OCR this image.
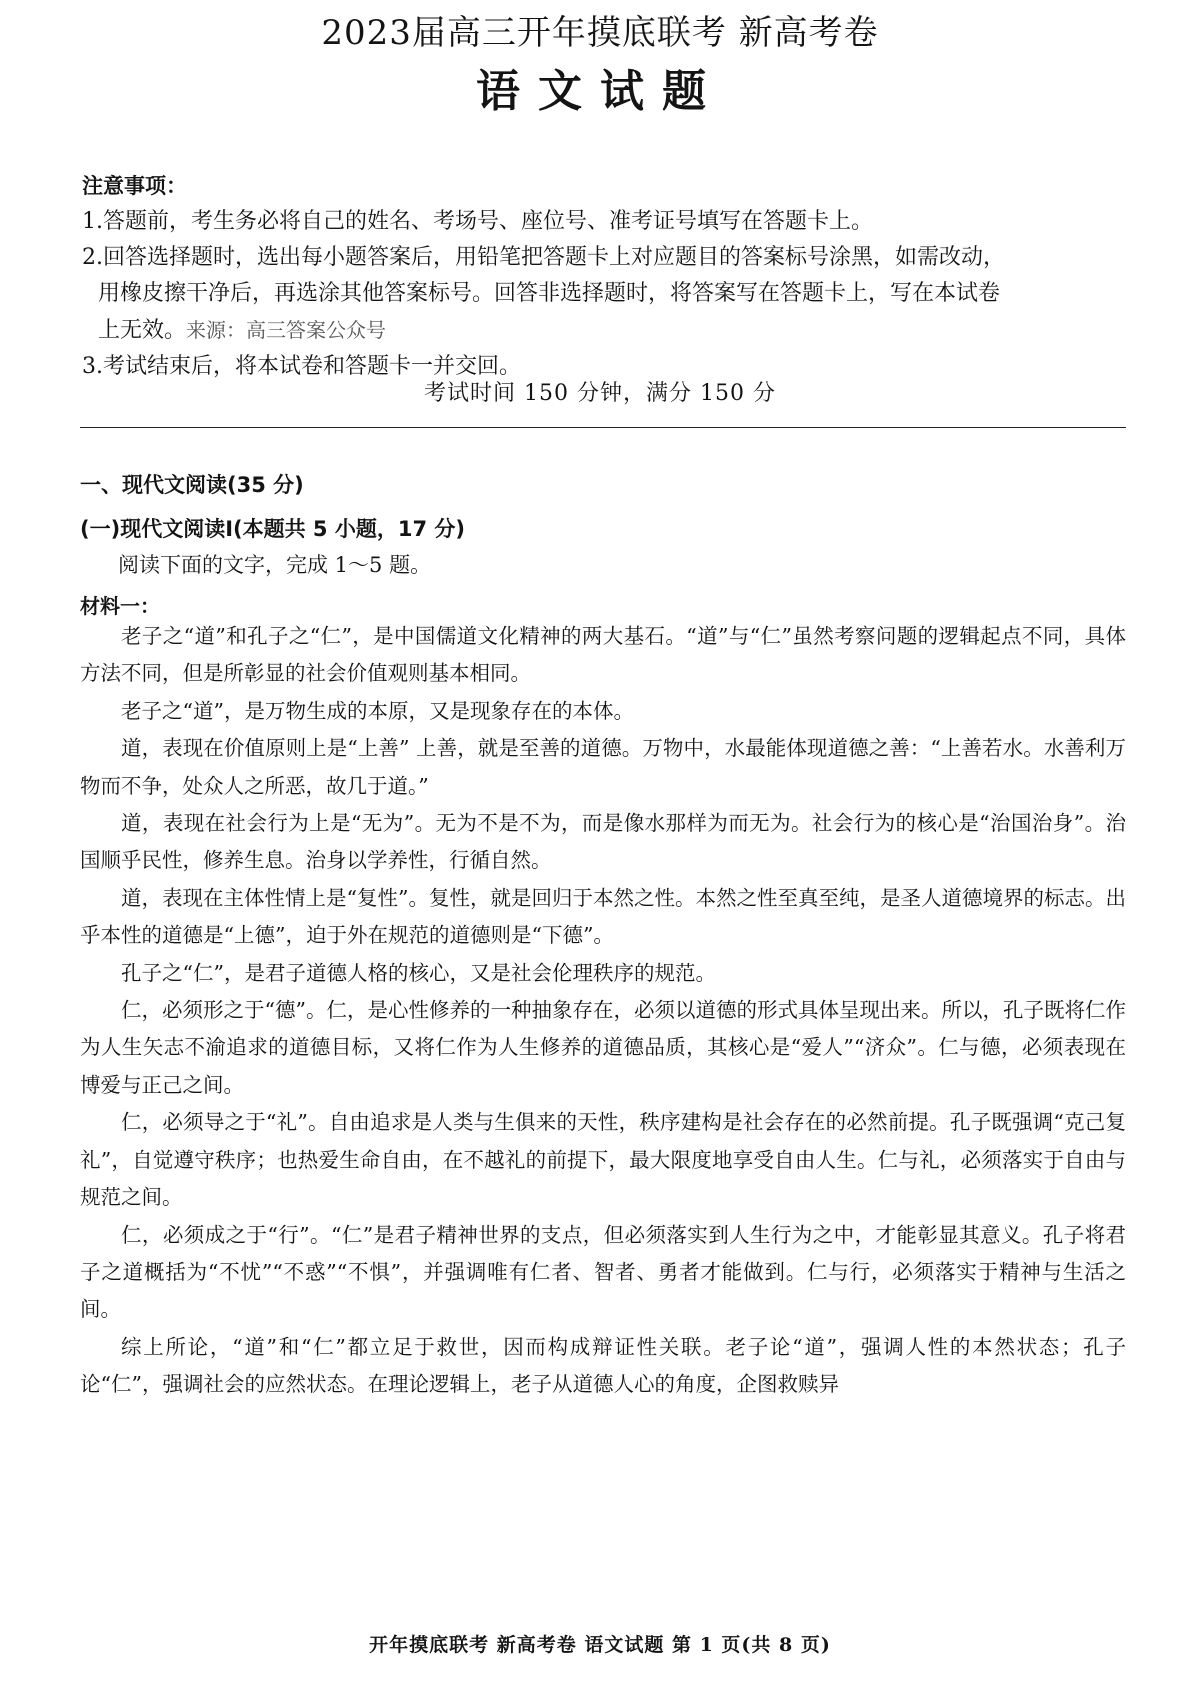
2023届高三开年摸底联考 新高考卷
语文试题
注意事项：
1.答题前，考生务必将自己的姓名、考场号、座位号、准考证号填写在答题卡上。
2.回答选择题时，选出每小题答案后，用铅笔把答题卡上对应题目的答案标号涂黑，如需改动，
用橡皮擦干净后，再选涂其他答案标号。回答非选择题时，将答案写在答题卡上，写在本试卷
上无效。来源：高三答案公众号
3.考试结束后，将本试卷和答题卡一并交回。
考试时间 150 分钟，满分 150 分
一、现代文阅读(35 分)
(一)现代文阅读Ⅰ(本题共 5 小题，17 分)
阅读下面的文字，完成 1～5 题。
材料一：

老子之“道”和孔子之“仁”，是中国儒道文化精神的两大基石。“道”与“仁”虽然考察问题的逻辑起点不同，具体方法不同，但是所彰显的社会价值观则基本相同。

老子之“道”，是万物生成的本原，又是现象存在的本体。

道，表现在价值原则上是“上善” 上善，就是至善的道德。万物中，水最能体现道德之善：“上善若水。水善利万物而不争，处众人之所恶，故几于道。”

道，表现在社会行为上是“无为”。无为不是不为，而是像水那样为而无为。社会行为的核心是“治国治身”。治国顺乎民性，修养生息。治身以学养性，行循自然。

道，表现在主体性情上是“复性”。复性，就是回归于本然之性。本然之性至真至纯，是圣人道德境界的标志。出乎本性的道德是“上德”，迫于外在规范的道德则是“下德”。

孔子之“仁”，是君子道德人格的核心，又是社会伦理秩序的规范。

仁，必须形之于“德”。仁，是心性修养的一种抽象存在，必须以道德的形式具体呈现出来。所以，孔子既将仁作为人生矢志不渝追求的道德目标，又将仁作为人生修养的道德品质，其核心是“爱人”“济众”。仁与德，必须表现在博爱与正己之间。

仁，必须导之于“礼”。自由追求是人类与生俱来的天性，秩序建构是社会存在的必然前提。孔子既强调“克己复礼”，自觉遵守秩序；也热爱生命自由，在不越礼的前提下，最大限度地享受自由人生。仁与礼，必须落实于自由与规范之间。

仁，必须成之于“行”。“仁”是君子精神世界的支点，但必须落实到人生行为之中，才能彰显其意义。孔子将君子之道概括为“不忧”“不惑”“不惧”，并强调唯有仁者、智者、勇者才能做到。仁与行，必须落实于精神与生活之间。

综上所论，“道”和“仁”都立足于救世，因而构成辩证性关联。老子论“道”，强调人性的本然状态；孔子论“仁”，强调社会的应然状态。在理论逻辑上，老子从道德人心的角度，企图救赎异

开年摸底联考 新高考卷 语文试题 第 1 页(共 8 页)
